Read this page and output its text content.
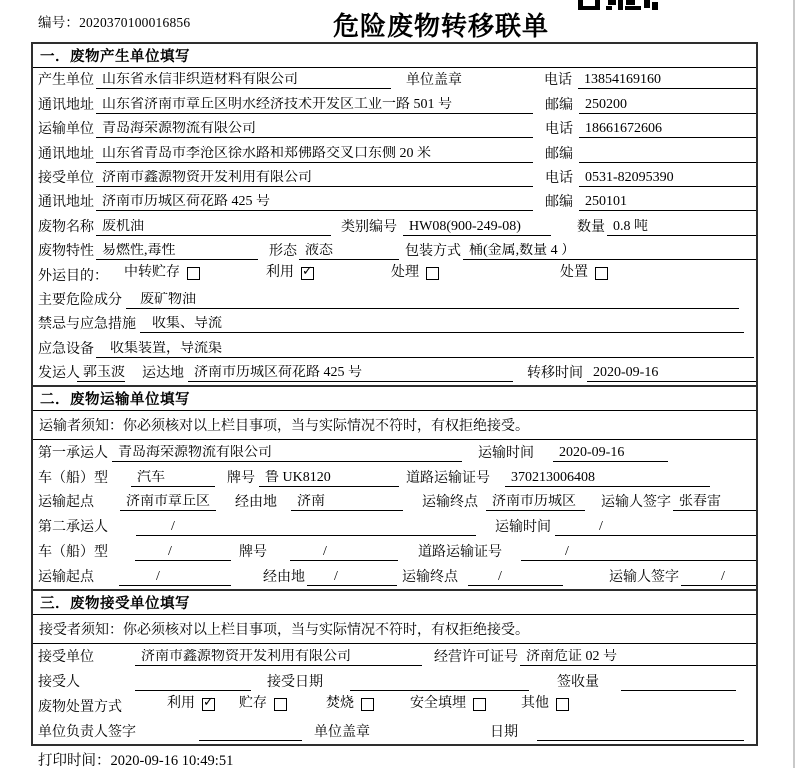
编号：2020370100016856	危险废物转移联单
一．废物产生单位填写
产生单位 山东省永信非织造材料有限公司	单位盖章	电话 13854169160
通讯地址 山东省济南市章丘区明水经济技术开发区工业一路 501 号	邮编 250200
运输单位 青岛海荣源物流有限公司	电话 18661672606
通讯地址 山东省青岛市李沧区徐水路和郑佛路交叉口东侧 20 米	邮编
接受单位 济南市鑫源物资开发利用有限公司	电话 0531-82095390
通讯地址 济南市历城区荷花路 425 号	邮编 250101
废物名称 废机油	类别编号 HW08(900-249-08)	数量 0.8 吨
废物特性 易燃性,毒性	形态 液态	包装方式 桶(金属,数量 4 ）
外运目的：	中转贮存	利用 ✓	处理	处置
主要危险成分	废矿物油
禁忌与应急措施	收集、导流
应急设备	收集装置，导流渠
发运人 郭玉波 运达地 济南市历城区荷花路 425 号	转移时间 2020-09-16
二．废物运输单位填写
运输者须知：你必须核对以上栏目事项，当与实际情况不符时，有权拒绝接受。
第一承运人 青岛海荣源物流有限公司	运输时间	2020-09-16
车（船）型	汽车	牌号 鲁 UK8120	道路运输证号	370213006408
运输起点	济南市章丘区	经由地	济南	运输终点	济南市历城区	运输人签字 张春雷
第二承运人	/	运输时间	/
车（船）型	/	牌号	/	道路运输证号	/
运输起点	/	经由地	/	运输终点	/	运输人签字	/
三．废物接受单位填写
接受者须知：你必须核对以上栏目事项，当与实际情况不符时，有权拒绝接受。
接受单位	济南市鑫源物资开发利用有限公司	经营许可证号 济南危证 02 号
接受人	接受日期	签收量
废物处置方式	利用 ✓	贮存	焚烧	安全填埋	其他
单位负责人签字	单位盖章	日期
打印时间：2020-09-16 10:49:51
